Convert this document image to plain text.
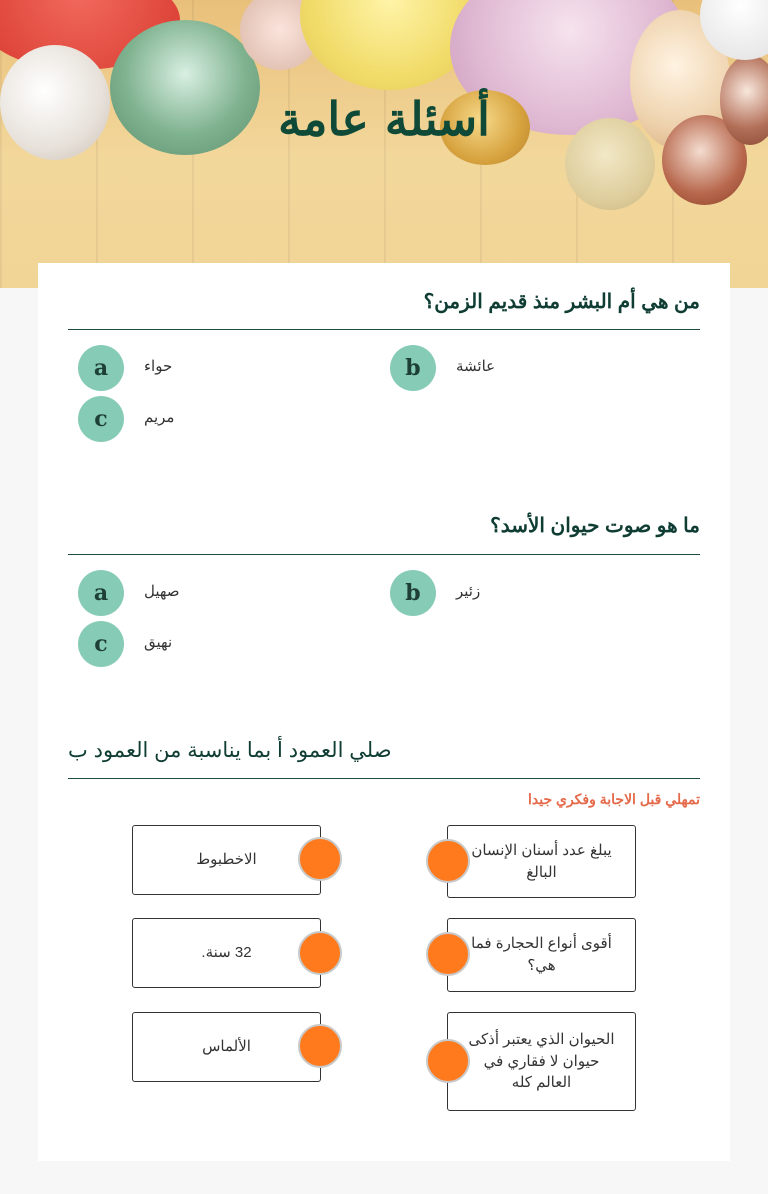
أسئلة عامة
من هي أم البشر منذ قديم الزمن؟
a	حواء	b	عائشة
c	مريم
ما هو صوت حيوان الأسد؟
a	صهيل	b	زئير
c	نهيق
صلي العمود أ بما يناسبة من العمود ب

تمهلي قبل الاجابة وفكري جيدا

الاخطبوط
32 سنة.
الألماس
يبلغ عدد أسنان الإنسان البالغ
أقوى أنواع الحجارة فما هي؟
الحيوان الذي يعتبر أذكى حيوان لا فقاري في العالم كله
